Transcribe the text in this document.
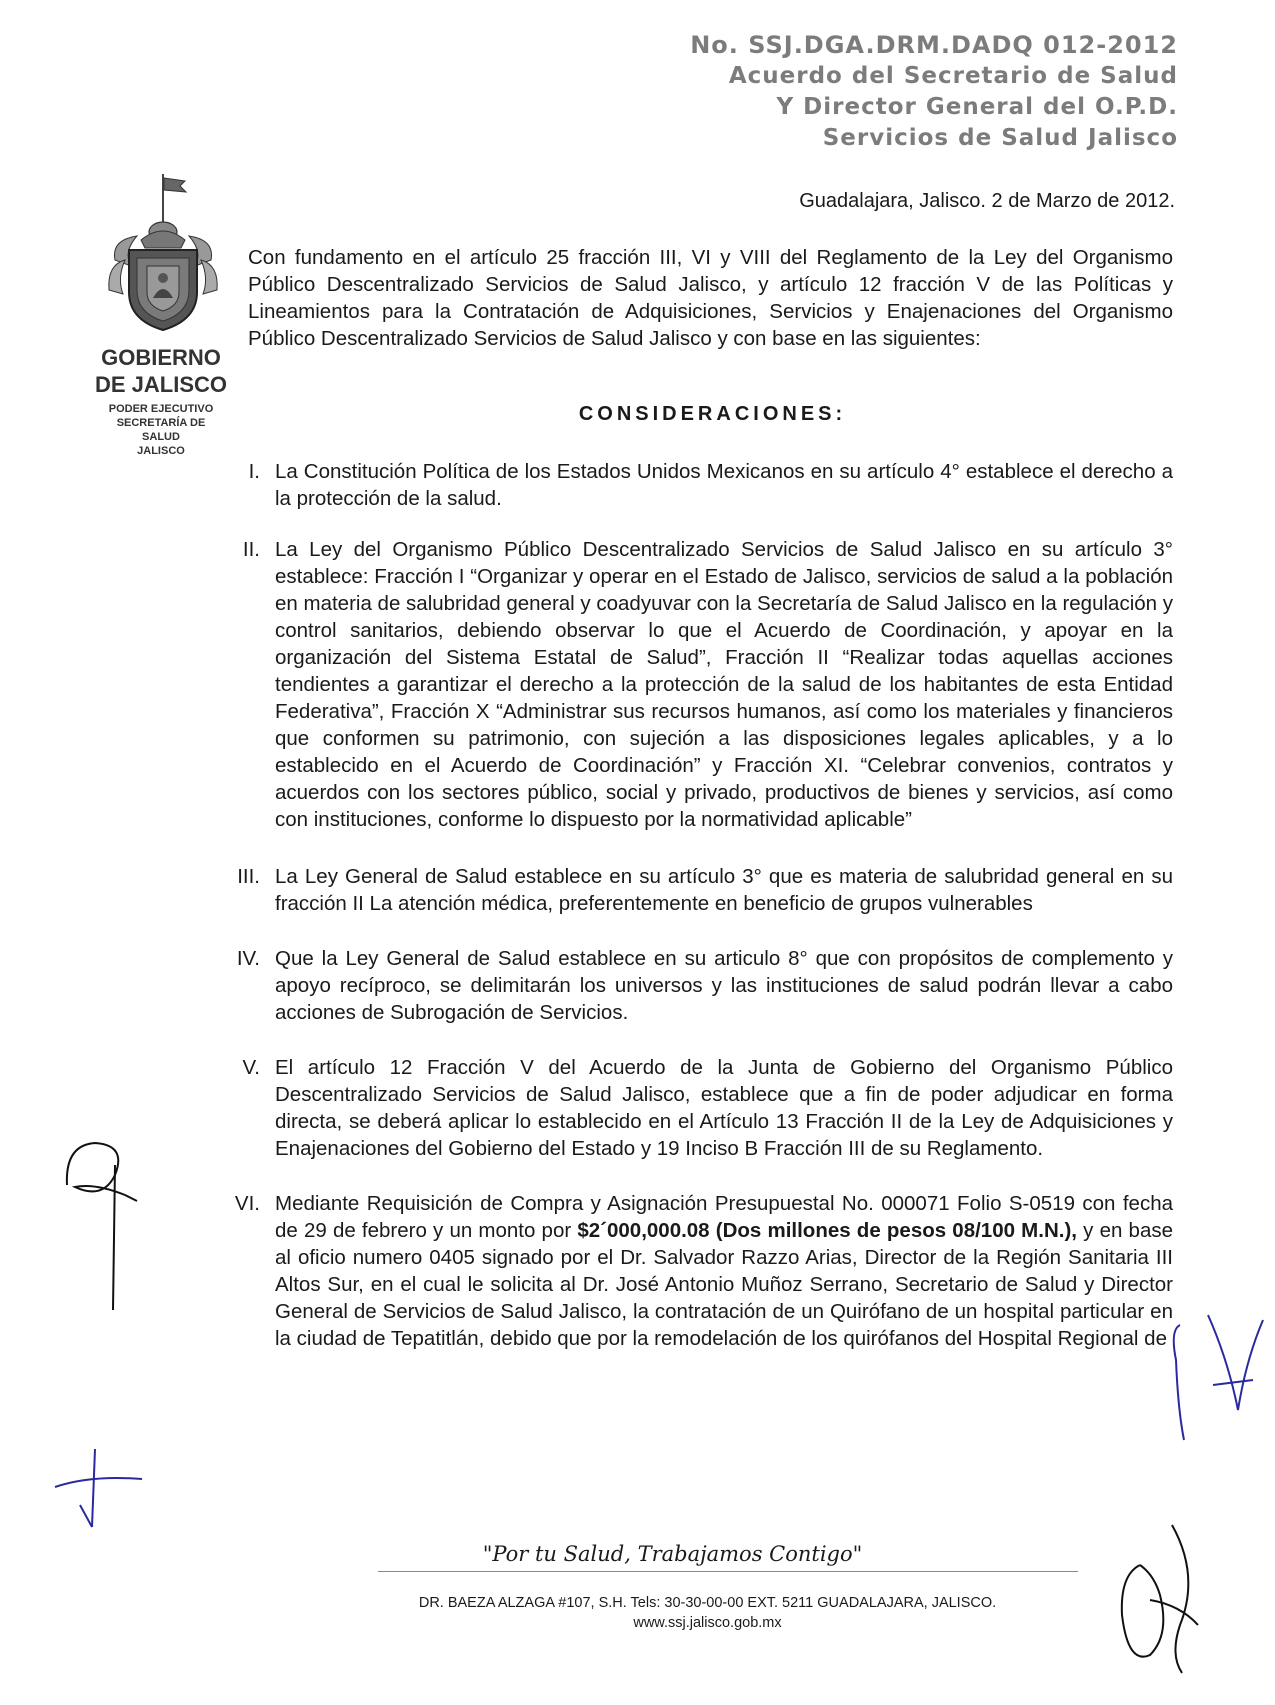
No. SSJ.DGA.DRM.DADQ 012-2012
Acuerdo del Secretario de Salud
Y Director General del O.P.D.
Servicios de Salud Jalisco
GOBIERNO
DE JALISCO
PODER EJECUTIVO
SECRETARÍA DE
SALUD
JALISCO
Guadalajara, Jalisco. 2 de Marzo de 2012.

Con fundamento en el artículo 25 fracción III, VI y VIII del Reglamento de la Ley del Organismo Público Descentralizado Servicios de Salud Jalisco, y artículo 12 fracción V de las Políticas y Lineamientos para la Contratación de Adquisiciones, Servicios y Enajenaciones del Organismo Público Descentralizado Servicios de Salud Jalisco y con base en las siguientes:

CONSIDERACIONES:
I. La Constitución Política de los Estados Unidos Mexicanos en su artículo 4° establece el derecho a la protección de la salud.
II. La Ley del Organismo Público Descentralizado Servicios de Salud Jalisco en su artículo 3° establece: Fracción I “Organizar y operar en el Estado de Jalisco, servicios de salud a la población en materia de salubridad general y coadyuvar con la Secretaría de Salud Jalisco en la regulación y control sanitarios, debiendo observar lo que el Acuerdo de Coordinación, y apoyar en la organización del Sistema Estatal de Salud”, Fracción II “Realizar todas aquellas acciones tendientes a garantizar el derecho a la protección de la salud de los habitantes de esta Entidad Federativa”, Fracción X “Administrar sus recursos humanos, así como los materiales y financieros que conformen su patrimonio, con sujeción a las disposiciones legales aplicables, y a lo establecido en el Acuerdo de Coordinación” y Fracción XI. “Celebrar convenios, contratos y acuerdos con los sectores público, social y privado, productivos de bienes y servicios, así como con instituciones, conforme lo dispuesto por la normatividad aplicable”
III. La Ley General de Salud establece en su artículo 3° que es materia de salubridad general en su fracción II La atención médica, preferentemente en beneficio de grupos vulnerables
IV. Que la Ley General de Salud establece en su articulo 8° que con propósitos de complemento y apoyo recíproco, se delimitarán los universos y las instituciones de salud podrán llevar a cabo acciones de Subrogación de Servicios.
V. El artículo 12 Fracción V del Acuerdo de la Junta de Gobierno del Organismo Público Descentralizado Servicios de Salud Jalisco, establece que a fin de poder adjudicar en forma directa, se deberá aplicar lo establecido en el Artículo 13 Fracción II de la Ley de Adquisiciones y Enajenaciones del Gobierno del Estado y 19 Inciso B Fracción III de su Reglamento.
VI. Mediante Requisición de Compra y Asignación Presupuestal No. 000071 Folio S-0519 con fecha de 29 de febrero y un monto por $2´000,000.08 (Dos millones de pesos 08/100 M.N.), y en base al oficio numero 0405 signado por el Dr. Salvador Razzo Arias, Director de la Región Sanitaria III Altos Sur, en el cual le solicita al Dr. José Antonio Muñoz Serrano, Secretario de Salud y Director General de Servicios de Salud Jalisco, la contratación de un Quirófano de un hospital particular en la ciudad de Tepatitlán, debido que por la remodelación de los quirófanos del Hospital Regional de
"Por tu Salud, Trabajamos Contigo"
DR. BAEZA ALZAGA #107, S.H. Tels: 30-30-00-00 EXT. 5211 GUADALAJARA, JALISCO.
www.ssj.jalisco.gob.mx
